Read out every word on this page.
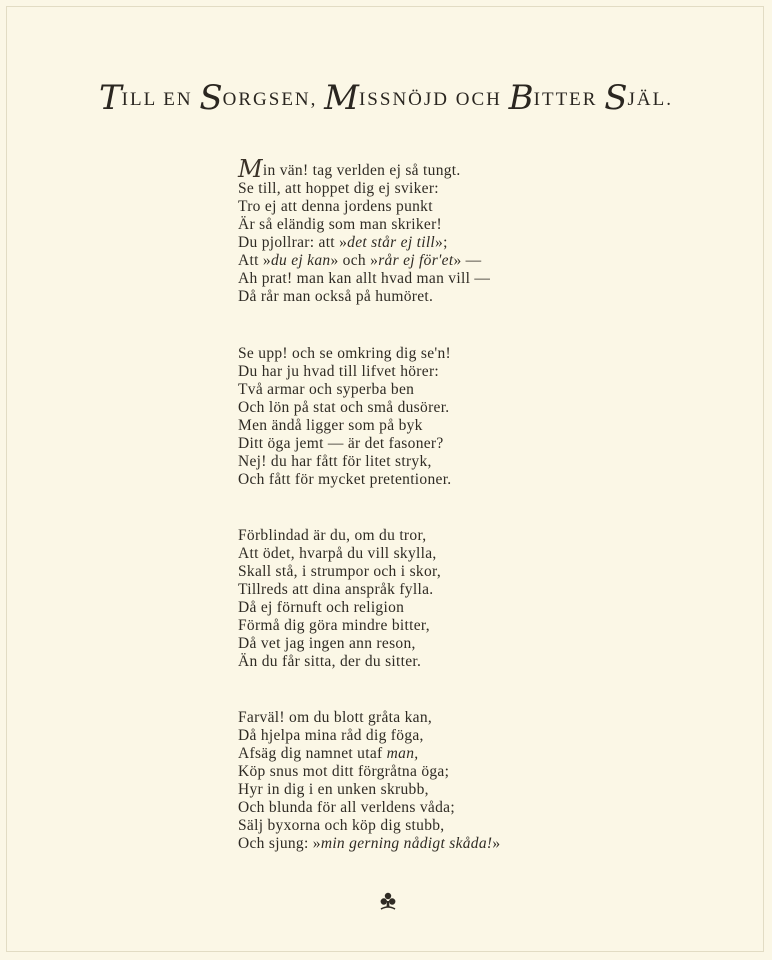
TILL EN SORGSEN, MISSNÖJD OCH BITTER SJÄL.
Min vän! tag verlden ej så tungt.
Se till, att hoppet dig ej sviker:
Tro ej att denna jordens punkt
Är så eländig som man skriker!
Du pjollrar: att »det står ej till»;
Att »du ej kan» och »rår ej för'et» —
Ah prat! man kan allt hvad man vill —
Då rår man också på humöret.
Se upp! och se omkring dig se'n!
Du har ju hvad till lifvet hörer:
Två armar och syperba ben
Och lön på stat och små dusörer.
Men ändå ligger som på byk
Ditt öga jemt — är det fasoner?
Nej! du har fått för litet stryk,
Och fått för mycket pretentioner.
Förblindad är du, om du tror,
Att ödet, hvarpå du vill skylla,
Skall stå, i strumpor och i skor,
Tillreds att dina anspråk fylla.
Då ej förnuft och religion
Förmå dig göra mindre bitter,
Då vet jag ingen ann reson,
Än du får sitta, der du sitter.
Farväl! om du blott gråta kan,
Då hjelpa mina råd dig föga,
Afsäg dig namnet utaf man,
Köp snus mot ditt förgråtna öga;
Hyr in dig i en unken skrubb,
Och blunda för all verldens våda;
Sälj byxorna och köp dig stubb,
Och sjung: »min gerning nådigt skåda!»
